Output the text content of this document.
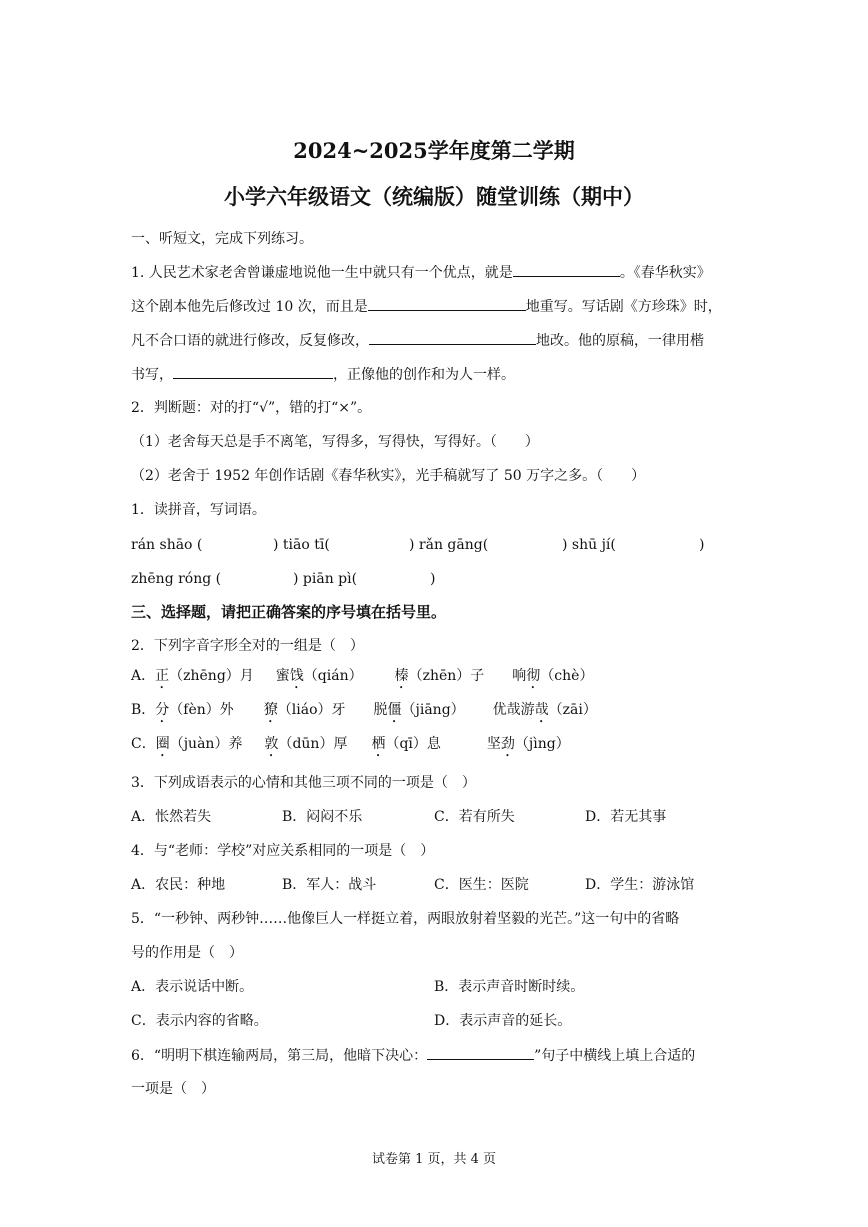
2024~2025学年度第二学期
小学六年级语文（统编版）随堂训练（期中）
一、听短文，完成下列练习。
1. 人民艺术家老舍曾谦虚地说他一生中就只有一个优点，就是	。《春华秋实》
这个剧本他先后修改过 10 次，而且是	地重写。写话剧《方珍珠》时，
凡不合口语的就进行修改，反复修改，	地改。他的原稿，一律用楷
书写，	，正像他的创作和为人一样。
2．判断题：对的打“√”，错的打“×”。
（1）老舍每天总是手不离笔，写得多，写得快，写得好。（　　）
（2）老舍于 1952 年创作话剧《春华秋实》，光手稿就写了 50 万字之多。（　　）
1．读拼音，写词语。
rán shāo (	) tiāo tī(	) rǎn gāng(	) shū jí(	)
zhēng róng (	) piān pì(	)
三、选择题，请把正确答案的序号填在括号里。
2．下列字音字形全对的一组是（　）
A．正（zhēng）月 蜜饯（qián） 榛（zhēn）子 响彻（chè）
B．分（fèn）外 獠（liáo）牙 脱僵（jiāng） 优哉游哉（zāi）
C．圈（juàn）养 敦（dūn）厚 栖（qī）息	坚劲（jìng）
3．下列成语表示的心情和其他三项不同的一项是（　）
A．怅然若失	B．闷闷不乐	C．若有所失	D．若无其事
4．与“老师：学校”对应关系相同的一项是（　）
A．农民：种地	B．军人：战斗	C．医生：医院	D．学生：游泳馆
5．“一秒钟、两秒钟……他像巨人一样挺立着，两眼放射着坚毅的光芒。”这一句中的省略
号的作用是（　）
A．表示说话中断。	B．表示声音时断时续。
C．表示内容的省略。	D．表示声音的延长。
6．“明明下棋连输两局，第三局，他暗下决心：	”句子中横线上填上合适的
一项是（　）
试卷第 1 页，共 4 页
